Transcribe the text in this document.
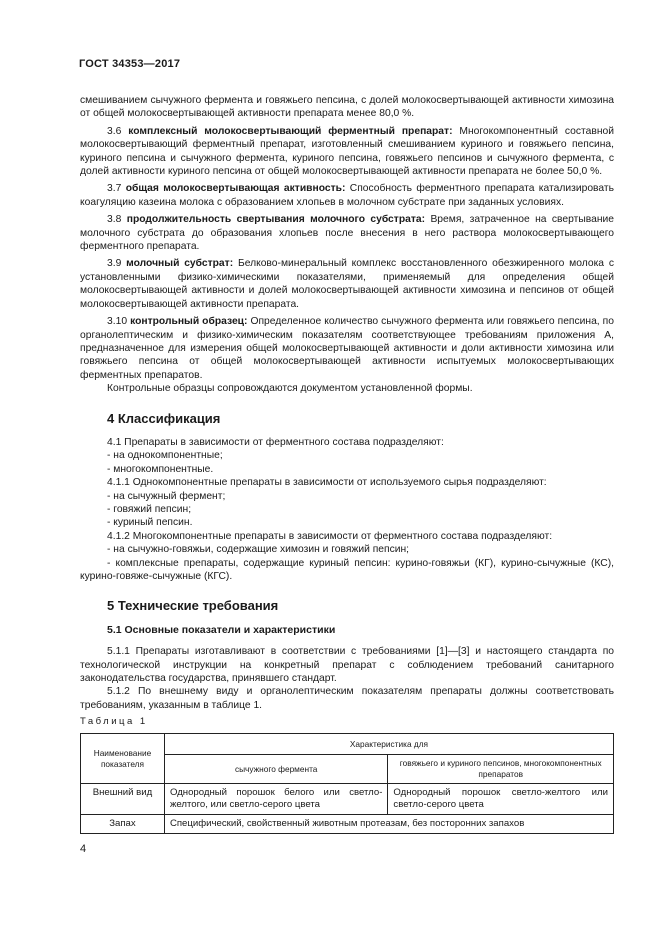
ГОСТ 34353—2017

смешиванием сычужного фермента и говяжьего пепсина, с долей молокосвертывающей активности химозина от общей молокосвертывающей активности препарата менее 80,0 %.

3.6 комплексный молокосвертывающий ферментный препарат: Многокомпонентный составной молокосвертывающий ферментный препарат, изготовленный смешиванием куриного и говяжьего пепсина, куриного пепсина и сычужного фермента, куриного пепсина, говяжьего пепсинов и сычужного фермента, с долей активности куриного пепсина от общей молокосвертывающей активности препарата не более 50,0 %.

3.7 общая молокосвертывающая активность: Способность ферментного препарата катализировать коагуляцию казеина молока с образованием хлопьев в молочном субстрате при заданных условиях.

3.8 продолжительность свертывания молочного субстрата: Время, затраченное на свертывание молочного субстрата до образования хлопьев после внесения в него раствора молокосвертывающего ферментного препарата.

3.9 молочный субстрат: Белково-минеральный комплекс восстановленного обезжиренного молока с установленными физико-химическими показателями, применяемый для определения общей молокосвертывающей активности и долей молокосвертывающей активности химозина и пепсинов от общей молокосвертывающей активности препарата.

3.10 контрольный образец: Определенное количество сычужного фермента или говяжьего пепсина, по органолептическим и физико-химическим показателям соответствующее требованиям приложения А, предназначенное для измерения общей молокосвертывающей активности и доли активности химозина или говяжьего пепсина от общей молокосвертывающей активности испытуемых молокосвертывающих ферментных препаратов.

Контрольные образцы сопровождаются документом установленной формы.

4 Классификация

4.1 Препараты в зависимости от ферментного состава подразделяют:

- на однокомпонентные;

- многокомпонентные.

4.1.1 Однокомпонентные препараты в зависимости от используемого сырья подразделяют:

- на сычужный фермент;

- говяжий пепсин;

- куриный пепсин.

4.1.2 Многокомпонентные препараты в зависимости от ферментного состава подразделяют:

- на сычужно-говяжьи, содержащие химозин и говяжий пепсин;

- комплексные препараты, содержащие куриный пепсин: курино-говяжьи (КГ), курино-сычужные (КС), курино-говяже-сычужные (КГС).

5 Технические требования
5.1 Основные показатели и характеристики

5.1.1 Препараты изготавливают в соответствии с требованиями [1]—[3] и настоящего стандарта по технологической инструкции на конкретный препарат с соблюдением требований санитарного законодательства государства, принявшего стандарт.

5.1.2 По внешнему виду и органолептическим показателям препараты должны соответствовать требованиям, указанным в таблице 1.

Таблица 1
Наименование показателя	Характеристика для	
	сычужного фермента	говяжьего и куриного пепсинов, многокомпонентных препаратов
Внешний вид	Однородный порошок белого или светло-желтого, или светло-серого цвета	Однородный порошок светло-желтого или светло-серого цвета
Запах	Специфический, свойственный животным протеазам, без посторонних запахов	
4
